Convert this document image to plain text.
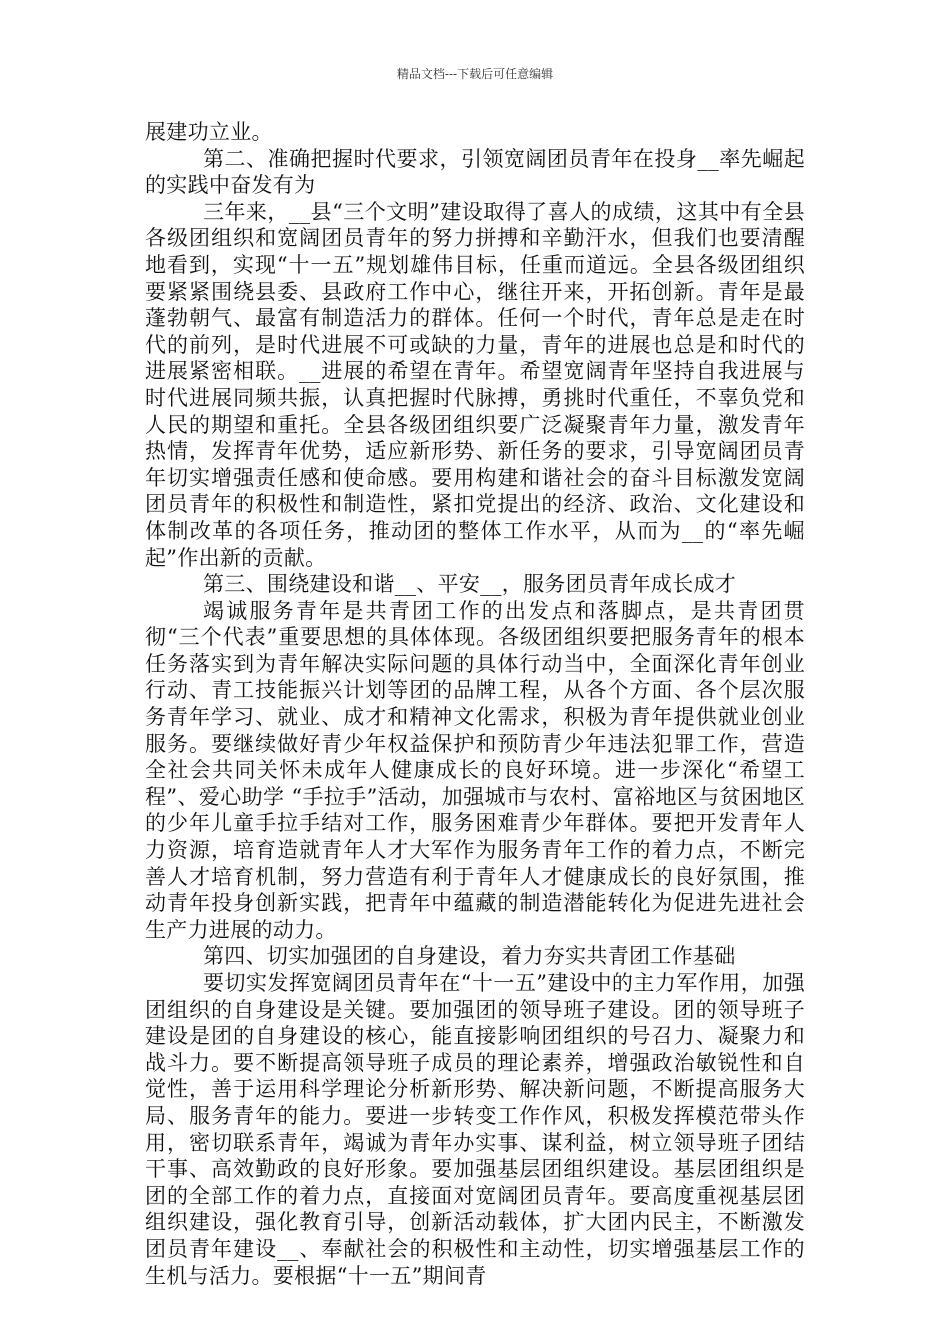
精品文档---下载后可任意编辑

展建功立业。

第二、准确把握时代要求，引领宽阔团员青年在投身__率先崛起的实践中奋发有为

三年来，__县“三个文明”建设取得了喜人的成绩，这其中有全县各级团组织和宽阔团员青年的努力拼搏和辛勤汗水，但我们也要清醒地看到，实现“十一五”规划雄伟目标，任重而道远。全县各级团组织要紧紧围绕县委、县政府工作中心，继往开来，开拓创新。青年是最蓬勃朝气、最富有制造活力的群体。任何一个时代，青年总是走在时代的前列，是时代进展不可或缺的力量，青年的进展也总是和时代的进展紧密相联。__进展的希望在青年。希望宽阔青年坚持自我进展与时代进展同频共振，认真把握时代脉搏，勇挑时代重任，不辜负党和人民的期望和重托。全县各级团组织要广泛凝聚青年力量，激发青年热情，发挥青年优势，适应新形势、新任务的要求，引导宽阔团员青年切实增强责任感和使命感。要用构建和谐社会的奋斗目标激发宽阔团员青年的积极性和制造性，紧扣党提出的经济、政治、文化建设和体制改革的各项任务，推动团的整体工作水平，从而为__的“率先崛起”作出新的贡献。

第三、围绕建设和谐__、平安__，服务团员青年成长成才

竭诚服务青年是共青团工作的出发点和落脚点，是共青团贯彻“三个代表”重要思想的具体体现。各级团组织要把服务青年的根本任务落实到为青年解决实际问题的具体行动当中，全面深化青年创业行动、青工技能振兴计划等团的品牌工程，从各个方面、各个层次服务青年学习、就业、成才和精神文化需求，积极为青年提供就业创业服务。要继续做好青少年权益保护和预防青少年违法犯罪工作，营造全社会共同关怀未成年人健康成长的良好环境。进一步深化“希望工程”、爱心助学 “手拉手”活动，加强城市与农村、富裕地区与贫困地区的少年儿童手拉手结对工作，服务困难青少年群体。要把开发青年人力资源，培育造就青年人才大军作为服务青年工作的着力点，不断完善人才培育机制，努力营造有利于青年人才健康成长的良好氛围，推动青年投身创新实践，把青年中蕴藏的制造潜能转化为促进先进社会生产力进展的动力。

第四、切实加强团的自身建设，着力夯实共青团工作基础

要切实发挥宽阔团员青年在“十一五”建设中的主力军作用，加强团组织的自身建设是关键。要加强团的领导班子建设。团的领导班子建设是团的自身建设的核心，能直接影响团组织的号召力、凝聚力和战斗力。要不断提高领导班子成员的理论素养，增强政治敏锐性和自觉性，善于运用科学理论分析新形势、解决新问题，不断提高服务大局、服务青年的能力。要进一步转变工作作风，积极发挥模范带头作用，密切联系青年，竭诚为青年办实事、谋利益，树立领导班子团结干事、高效勤政的良好形象。要加强基层团组织建设。基层团组织是团的全部工作的着力点，直接面对宽阔团员青年。要高度重视基层团组织建设，强化教育引导，创新活动载体，扩大团内民主，不断激发团员青年建设__、奉献社会的积极性和主动性，切实增强基层工作的生机与活力。要根据“十一五”期间青
